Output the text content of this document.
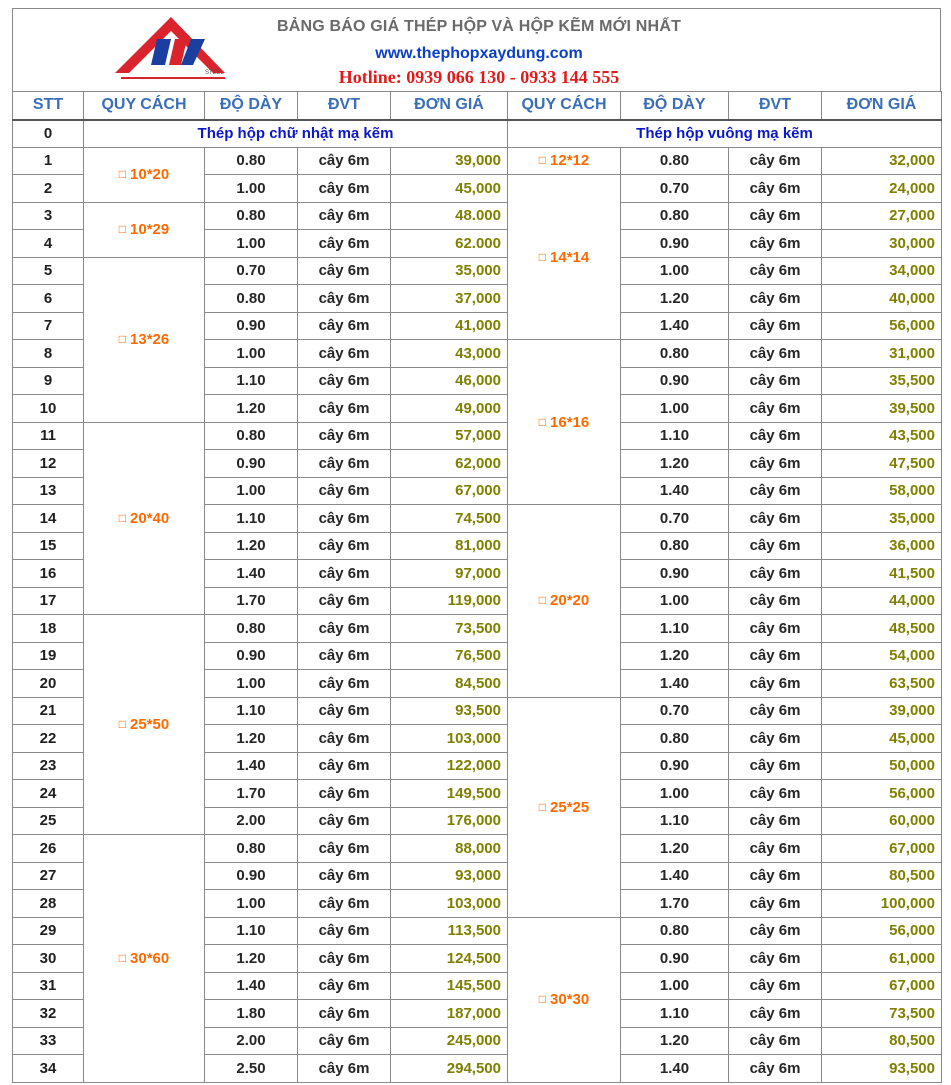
STEEL
BẢNG BÁO GIÁ THÉP HỘP VÀ HỘP KẼM MỚI NHẤT
www.thephopxaydung.com
Hotline: 0939 066 130 - 0933 144 555
STT	QUY CÁCH	ĐỘ DÀY	ĐVT	ĐƠN GIÁ	QUY CÁCH	ĐỘ DÀY	ĐVT	ĐƠN GIÁ
0	Thép hộp chữ nhật mạ kẽm				Thép hộp vuông mạ kẽm			
1	□ 10*20	0.80	cây 6m	39,000	□ 12*12	0.80	cây 6m	32,000
2		1.00	cây 6m	45,000	□ 14*14	0.70	cây 6m	24,000
3	□ 10*29	0.80	cây 6m	48.000		0.80	cây 6m	27,000
4		1.00	cây 6m	62.000		0.90	cây 6m	30,000
5	□ 13*26	0.70	cây 6m	35,000		1.00	cây 6m	34,000
6		0.80	cây 6m	37,000		1.20	cây 6m	40,000
7		0.90	cây 6m	41,000		1.40	cây 6m	56,000
8		1.00	cây 6m	43,000	□ 16*16	0.80	cây 6m	31,000
9		1.10	cây 6m	46,000		0.90	cây 6m	35,500
10		1.20	cây 6m	49,000		1.00	cây 6m	39,500
11	□ 20*40	0.80	cây 6m	57,000		1.10	cây 6m	43,500
12		0.90	cây 6m	62,000		1.20	cây 6m	47,500
13		1.00	cây 6m	67,000		1.40	cây 6m	58,000
14		1.10	cây 6m	74,500	□ 20*20	0.70	cây 6m	35,000
15		1.20	cây 6m	81,000		0.80	cây 6m	36,000
16		1.40	cây 6m	97,000		0.90	cây 6m	41,500
17		1.70	cây 6m	119,000		1.00	cây 6m	44,000
18	□ 25*50	0.80	cây 6m	73,500		1.10	cây 6m	48,500
19		0.90	cây 6m	76,500		1.20	cây 6m	54,000
20		1.00	cây 6m	84,500		1.40	cây 6m	63,500
21		1.10	cây 6m	93,500	□ 25*25	0.70	cây 6m	39,000
22		1.20	cây 6m	103,000		0.80	cây 6m	45,000
23		1.40	cây 6m	122,000		0.90	cây 6m	50,000
24		1.70	cây 6m	149,500		1.00	cây 6m	56,000
25		2.00	cây 6m	176,000		1.10	cây 6m	60,000
26	□ 30*60	0.80	cây 6m	88,000		1.20	cây 6m	67,000
27		0.90	cây 6m	93,000		1.40	cây 6m	80,500
28		1.00	cây 6m	103,000		1.70	cây 6m	100,000
29		1.10	cây 6m	113,500	□ 30*30	0.80	cây 6m	56,000
30		1.20	cây 6m	124,500		0.90	cây 6m	61,000
31		1.40	cây 6m	145,500		1.00	cây 6m	67,000
32		1.80	cây 6m	187,000		1.10	cây 6m	73,500
33		2.00	cây 6m	245,000		1.20	cây 6m	80,500
34		2.50	cây 6m	294,500		1.40	cây 6m	93,500
